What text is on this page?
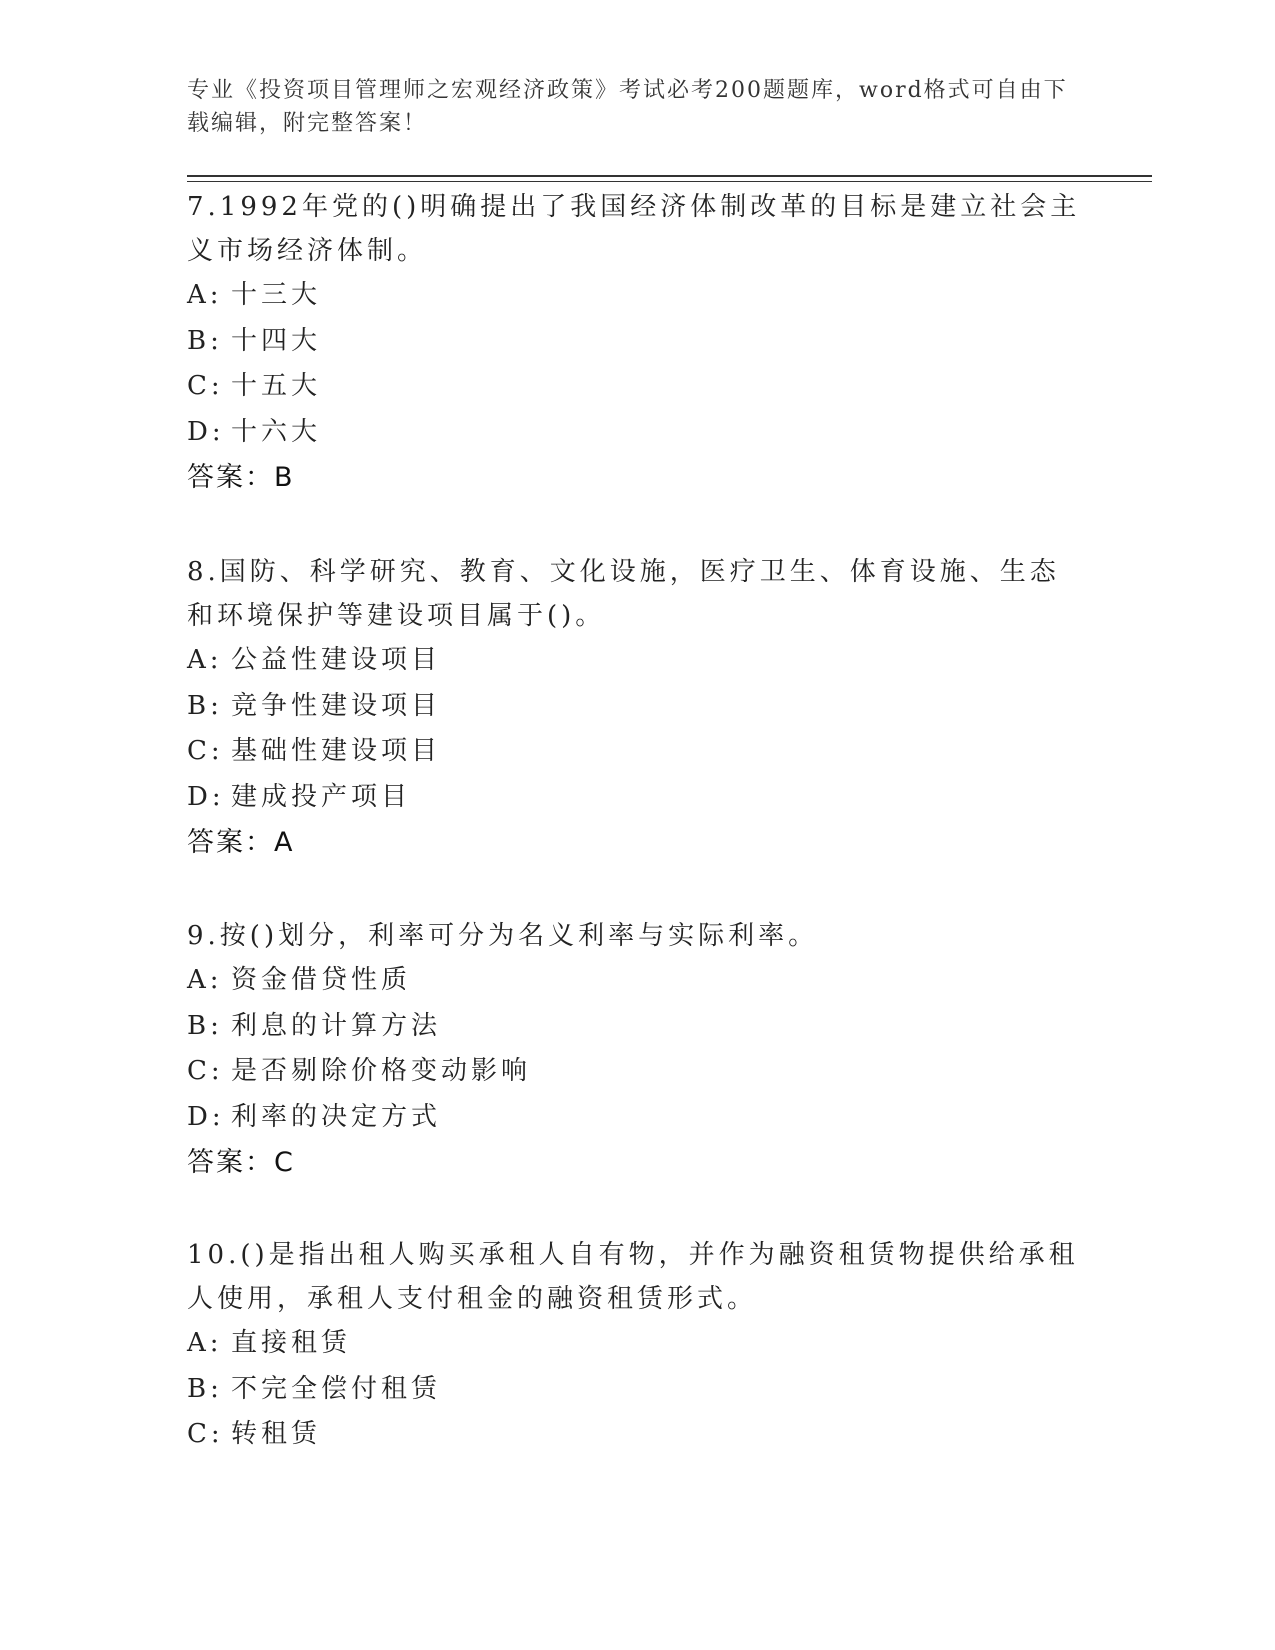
专业《投资项目管理师之宏观经济政策》考试必考200题题库，word格式可自由下载编辑，附完整答案！
7.1992年党的()明确提出了我国经济体制改革的目标是建立社会主义市场经济体制。
A: 十三大
B: 十四大
C: 十五大
D: 十六大
答案：B
8.国防、科学研究、教育、文化设施，医疗卫生、体育设施、生态和环境保护等建设项目属于()。
A: 公益性建设项目
B: 竞争性建设项目
C: 基础性建设项目
D: 建成投产项目
答案：A
9.按()划分，利率可分为名义利率与实际利率。
A: 资金借贷性质
B: 利息的计算方法
C: 是否剔除价格变动影响
D: 利率的决定方式
答案：C
10.()是指出租人购买承租人自有物，并作为融资租赁物提供给承租人使用，承租人支付租金的融资租赁形式。
A: 直接租赁
B: 不完全偿付租赁
C: 转租赁
